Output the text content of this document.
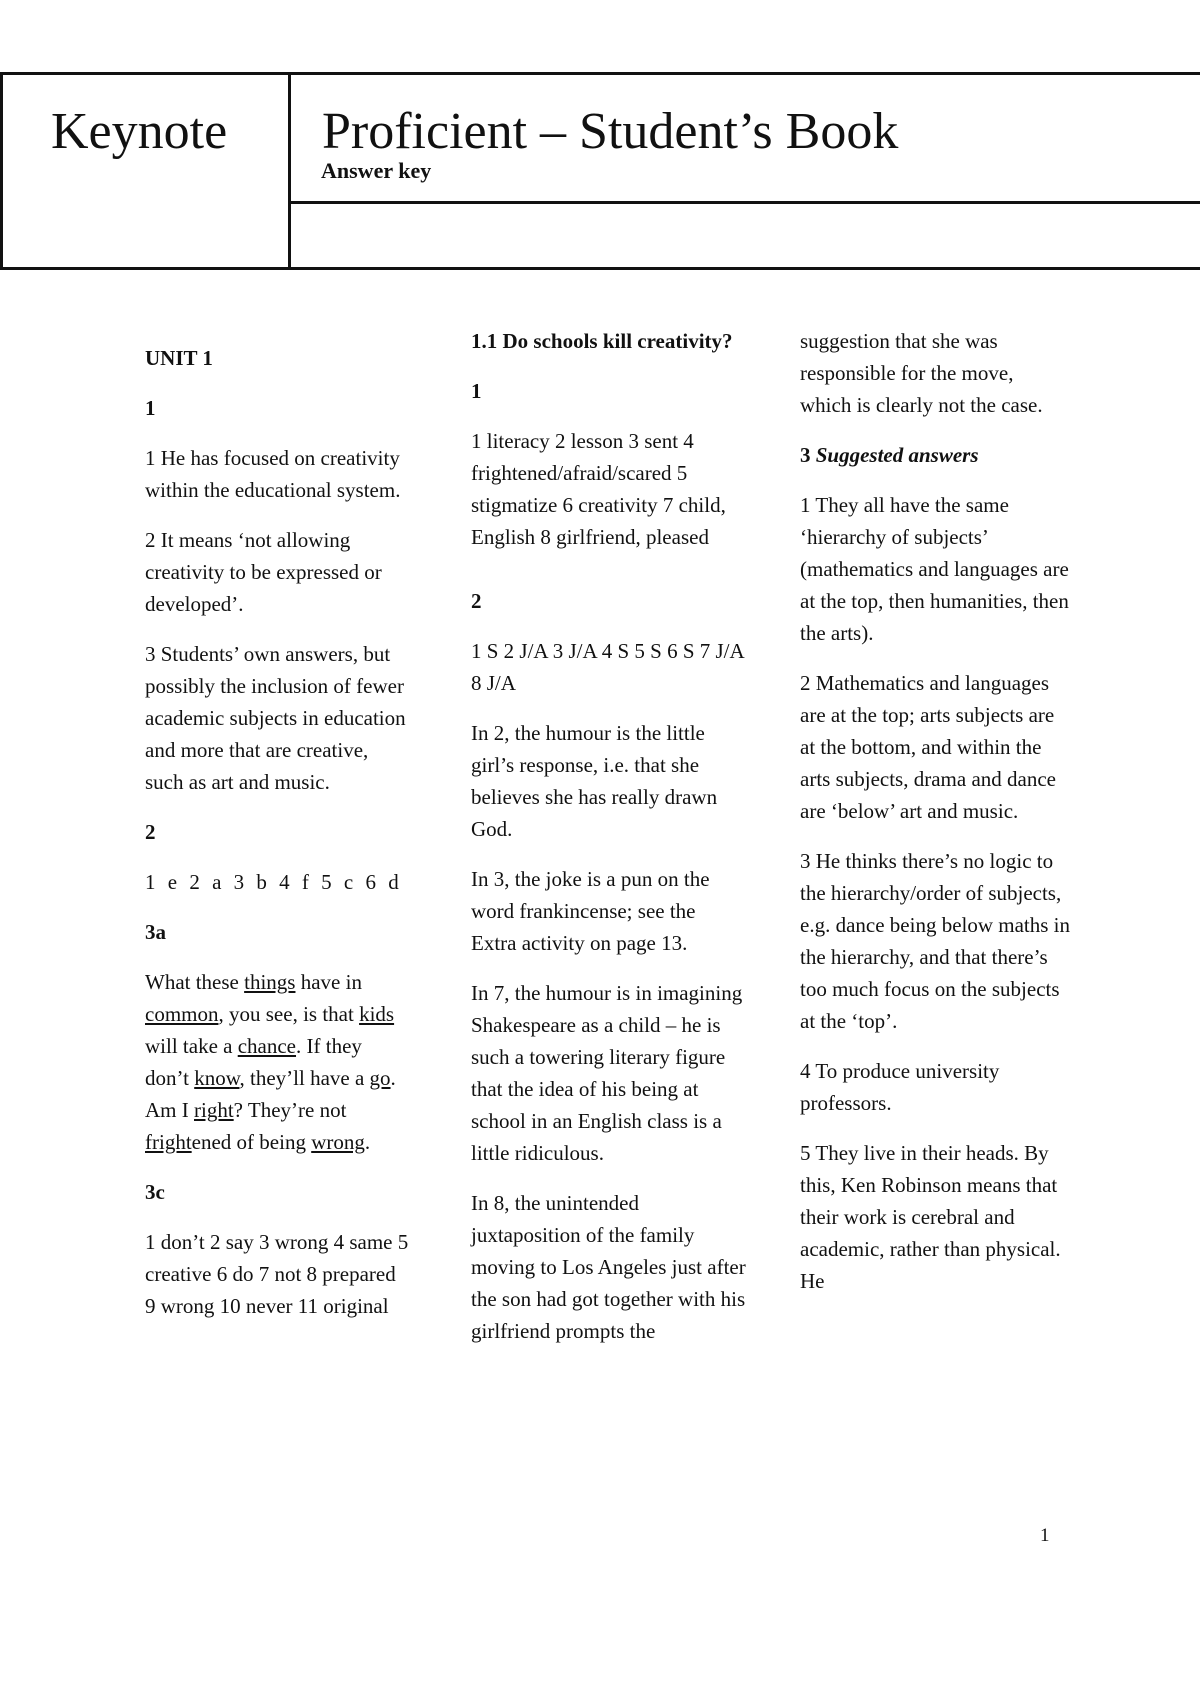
Keynote Proficient – Student’s Book
Answer key

UNIT 1

1

1 He has focused on creativity within the educational system.

2 It means ‘not allowing creativity to be expressed or developed’.

3 Students’ own answers, but possibly the inclusion of fewer academic subjects in education and more that are creative, such as art and music.

2

1 e 2 a 3 b 4 f 5 c 6 d

3a

What these things have in common, you see, is that kids will take a chance. If they don’t know, they’ll have a go. Am I right? They’re not frightened of being wrong.

3c

1 don’t 2 say 3 wrong 4 same 5 creative 6 do 7 not 8 prepared 9 wrong 10 never 11 original

1.1 Do schools kill creativity?

1

1 literacy 2 lesson 3 sent 4 frightened/afraid/scared 5 stigmatize 6 creativity 7 child, English 8 girlfriend, pleased

2

1 S 2 J/A 3 J/A 4 S 5 S 6 S 7 J/A 8 J/A

In 2, the humour is the little girl’s response, i.e. that she believes she has really drawn God.

In 3, the joke is a pun on the word frankincense; see the Extra activity on page 13.

In 7, the humour is in imagining Shakespeare as a child – he is such a towering literary figure that the idea of his being at school in an English class is a little ridiculous.

In 8, the unintended juxtaposition of the family moving to Los Angeles just after the son had got together with his girlfriend prompts the

suggestion that she was responsible for the move, which is clearly not the case.

3 Suggested answers

1 They all have the same ‘hierarchy of subjects’ (mathematics and languages are at the top, then humanities, then the arts).

2 Mathematics and languages are at the top; arts subjects are at the bottom, and within the arts subjects, drama and dance are ‘below’ art and music.

3 He thinks there’s no logic to the hierarchy/order of subjects, e.g. dance being below maths in the hierarchy, and that there’s too much focus on the subjects at the ‘top’.

4 To produce university professors.

5 They live in their heads. By this, Ken Robinson means that their work is cerebral and academic, rather than physical. He

1
